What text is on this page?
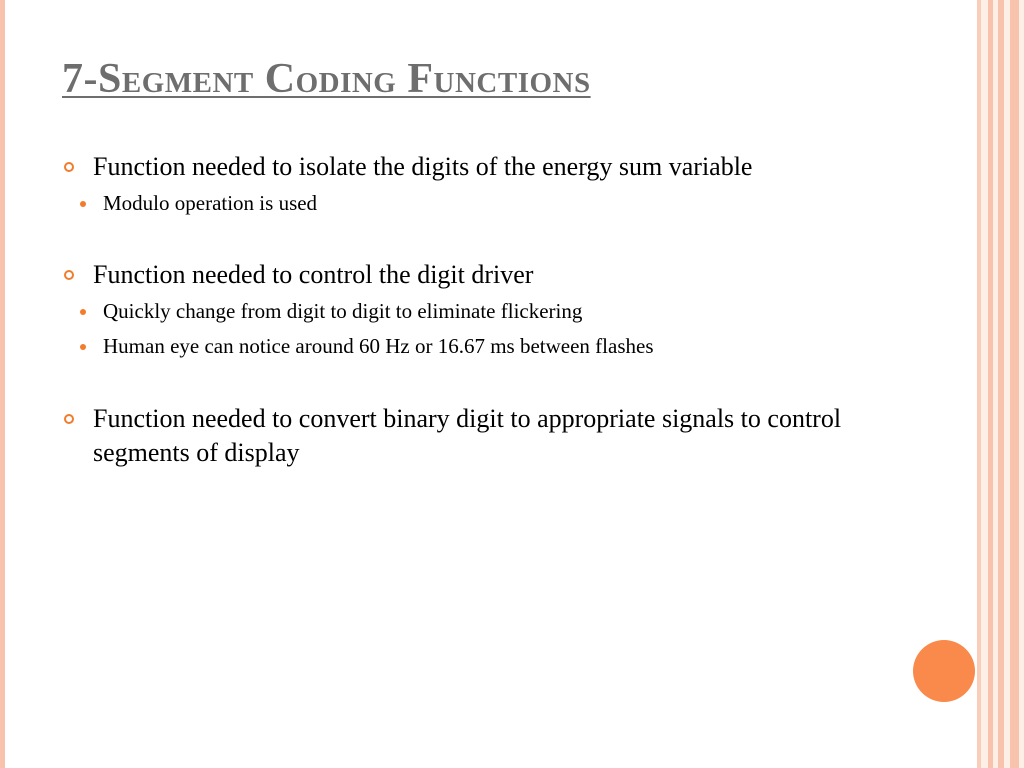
7-Segment Coding Functions
Function needed to isolate the digits of the energy sum variable
Modulo operation is used
Function needed to control the digit driver
Quickly change from digit to digit to eliminate flickering
Human eye can notice around 60 Hz or 16.67 ms between flashes
Function needed to convert binary digit to appropriate signals to control segments of display
